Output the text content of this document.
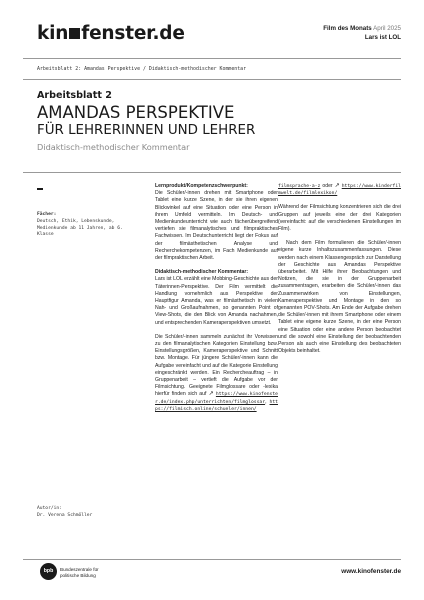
kin fenster.de	Film des Monats April 2025
Lars ist LOL
Arbeitsblatt 2: Amandas Perspektive / Didaktisch-methodischer Kommentar
Arbeitsblatt 2
AMANDAS PERSPEKTIVE
FÜR LEHRERINNEN UND LEHRER
Didaktisch-methodischer Kommentar
Fächer:
Deutsch, Ethik, Lebenskunde, Medienkunde ab 11 Jahren, ab 6. Klasse
Autor/in:
Dr. Verena Schmöller

Lernprodukt/Kompetenzschwerpunkt:
Die Schüler/-innen drehen mit Smartphone oder Tablet eine kurze Szene, in der sie ihren eigenen Blickwinkel auf eine Situation oder eine Person in ihrem Umfeld vermitteln. Im Deutsch- und Medienkundeunterricht wie auch fächerübergreifend vertiefen sie filmanalytisches und filmpraktisches Fachwissen. Im Deutschunterricht liegt der Fokus auf der filmästhetischen Analyse und Recherchekompetenzen, im Fach Medienkunde auf der filmpraktischen Arbeit.

Didaktisch-methodischer Kommentar:
Lars ist LOL erzählt eine Mobbing-Geschichte aus der Täterinnen-Perspektive. Der Film vermittelt die Handlung vornehmlich aus Perspektive der Hauptfigur Amanda, was er filmästhetisch in vielen Nah- und Großaufnahmen, so genannten Point of View-Shots, die den Blick von Amanda nachahmen, und entsprechenden Kameraperspektiven umsetzt.

Die Schüler/-innen sammeln zunächst ihr Vorwissen zu den filmanalytischen Kategorien Einstellung bzw. Einstellungsgrößen, Kameraperspektive und Schnitt bzw. Montage. Für jüngere Schüler/-innen kann die Aufgabe vereinfacht und auf die Kategorie Einstellung eingeschränkt werden. Ein Rechercheauftrag – in Gruppenarbeit – vertieft die Aufgabe vor der Filmsichtung. Geeignete Filmglossare oder -lexika hierfür finden sich auf ↗ https://www.kinofenster.de/index.php/unterrichten/filmglossar, https://filmisch.online/schueler/innen/

filmsprache-a-z oder ↗ https://www.kinderfilmwelt.de/filmlexikon/

Während der Filmsichtung konzentrieren sich die drei Gruppen auf jeweils eine der drei Kategorien (vereinfacht: auf die verschiedenen Einstellungen im Film).

Nach dem Film formulieren die Schüler/-innen eigene kurze Inhaltszusammenfassungen. Diese werden nach einem Klassengespräch zur Darstellung der Geschichte aus Amandas Perspektive überarbeitet. Mit Hilfe ihrer Beobachtungen und Notizen, die sie in der Gruppenarbeit zusammentragen, erarbeiten die Schüler/-innen das Zusammenwirken von Einstellungen, Kameraperspektive und Montage in den so genannten POV-Shots. Am Ende der Aufgabe drehen die Schüler/-innen mit ihrem Smartphone oder einem Tablet eine eigene kurze Szene, in der eine Person eine Situation oder eine andere Person beobachtet und die sowohl eine Einstellung der beobachtenden Person als auch eine Einstellung des beobachteten Objekts beinhaltet.

bpb	Bundeszentrale für
politische Bildung
www.kinofenster.de
